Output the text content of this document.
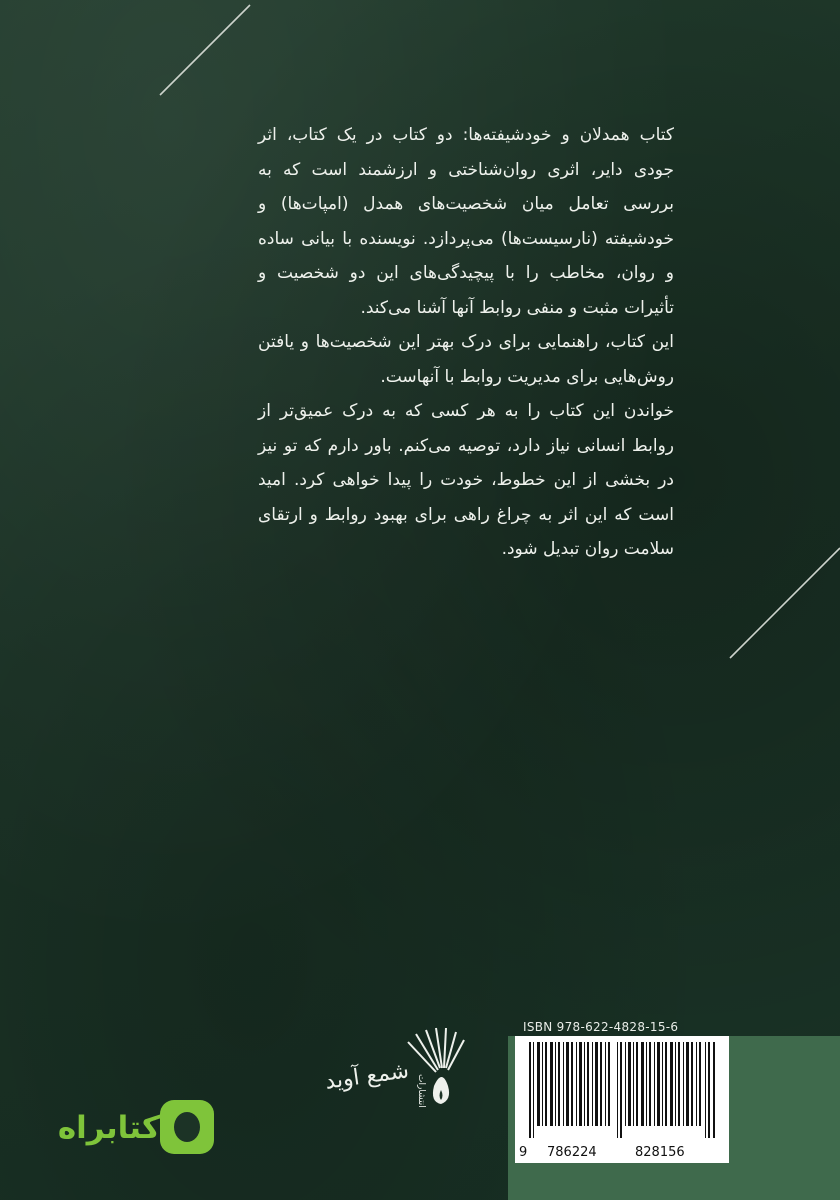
کتاب همدلان و خودشیفته‌ها: دو کتاب در یک کتاب، اثر جودی دایر، اثری روان‌شناختی و ارزشمند است که به بررسی تعامل میان شخصیت‌های همدل (امپات‌ها) و خودشیفته (نارسیست‌ها) می‌پردازد. نویسنده با بیانی ساده و روان، مخاطب را با پیچیدگی‌های این دو شخصیت و تأثیرات مثبت و منفی روابط آنها آشنا می‌کند.

این کتاب، راهنمایی برای درک بهتر این شخصیت‌ها و یافتن روش‌هایی برای مدیریت روابط با آنهاست.

خواندن این کتاب را به هر کسی که به درک عمیق‌تر از روابط انسانی نیاز دارد، توصیه می‌کنم. باور دارم که تو نیز در بخشی از این خطوط، خودت را پیدا خواهی کرد. امید است که این اثر به چراغ راهی برای بهبود روابط و ارتقای سلامت روان تبدیل شود.

ISBN 978-622-4828-15-6
9 786224	828156
شمع آوید انتشارات
کتابراه
